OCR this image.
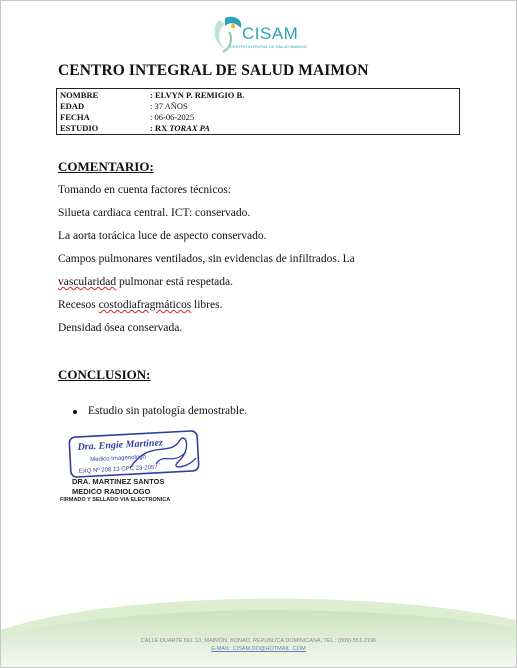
CISAM
CENTRO INTEGRAL DE SALUD MAIMON
CENTRO INTEGRAL DE SALUD MAIMON
NOMBRE	: ELVYN P. REMIGIO B.
EDAD	: 37 AÑOS
FECHA	: 06-06-2025
ESTUDIO	: RX TORAX PA
COMENTARIO:
Tomando en cuenta factores técnicos:
Silueta cardiaca central. ICT: conservado.
La aorta torácica luce de aspecto conservado.
Campos pulmonares ventilados, sin evidencias de infiltrados. La
vascularidad pulmonar está respetada.
Recesos costodiafragmáticos libres.
Densidad ósea conservada.
CONCLUSION:
Estudio sin patología demostrable.
Dra. Engie Martinez
Medico Imagenologo
EXQ Nº 208 13 CPC 23-2057
DRA. MARTINEZ SANTOS
MEDICO RADIOLOGO
FIRMADO Y SELLADO VIA ELECTRONICA
CALLE DUARTE NO. 13, MAIMÓN, BONAO, REPUBLICA DOMINICANA, TEL.: (809)-551-2196
E-MAIL: CISAM.DO@HOTMAIL .COM
